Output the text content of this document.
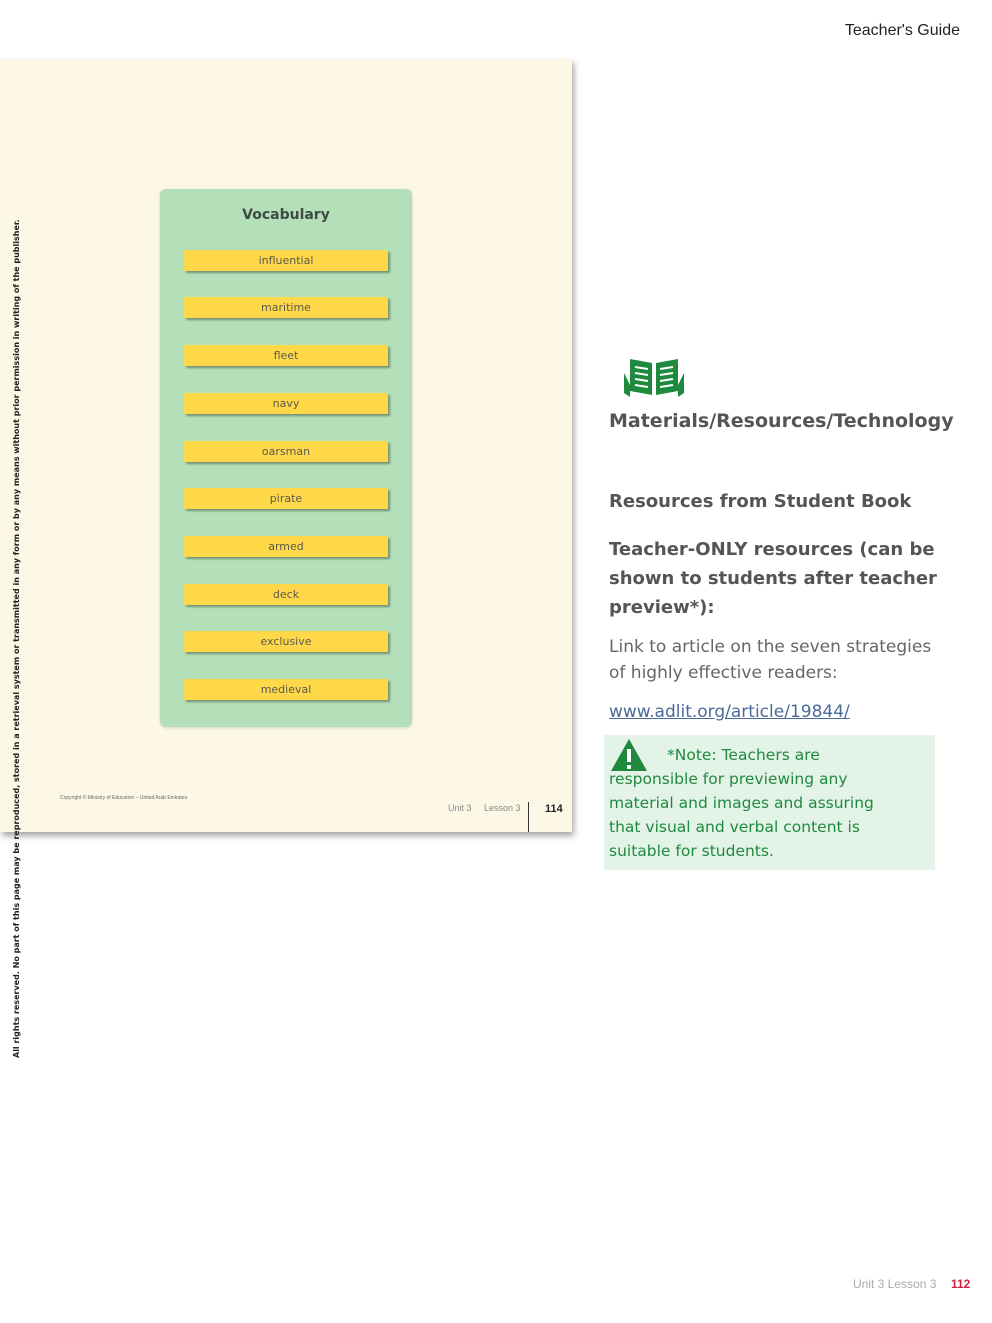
Teacher's Guide
Vocabulary
influential
maritime
fleet
navy
oarsman
pirate
armed
deck
exclusive
medieval
Copyright © Ministry of Education – United Arab Emirates
Unit 3     Lesson 3 114
All rights reserved. No part of this page may be reproduced, stored in a retrieval system or transmitted in any form or by any means without prior permission in writing of the publisher.	Materials/Resources/Technology
Resources from Student Book
Teacher-ONLY resources (can be shown to students after teacher preview*):
Link to article on the seven strategies of highly effective readers:
www.adlit.org/article/19844/
*Note: Teachers are responsible for previewing any material and images and assuring that visual and verbal content is suitable for students.
Unit 3 Lesson 3 112
